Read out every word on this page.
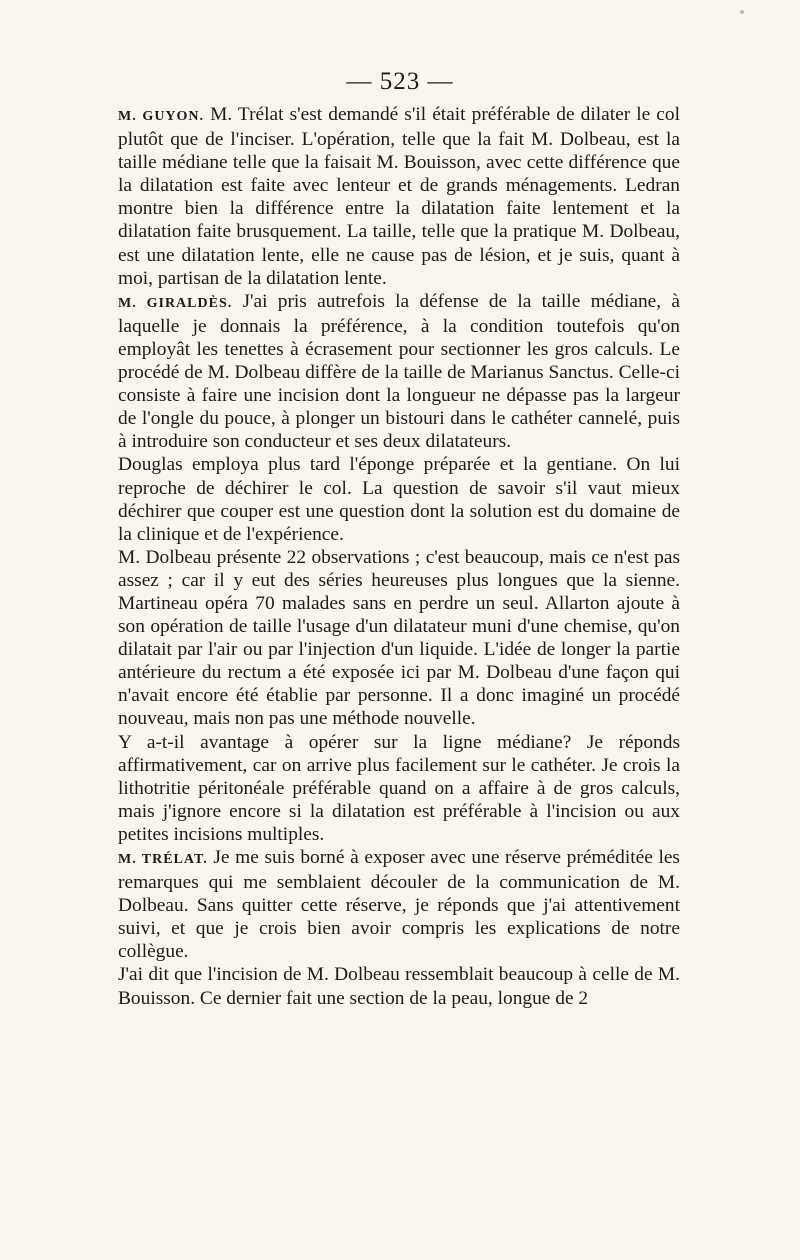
— 523 —

M. GUYON. M. Trélat s'est demandé s'il était préférable de dilater le col plutôt que de l'inciser. L'opération, telle que la fait M. Dolbeau, est la taille médiane telle que la faisait M. Bouisson, avec cette différence que la dilatation est faite avec lenteur et de grands ménagements. Ledran montre bien la différence entre la dilatation faite lentement et la dilatation faite brusquement. La taille, telle que la pratique M. Dolbeau, est une dilatation lente, elle ne cause pas de lésion, et je suis, quant à moi, partisan de la dilatation lente.

M. GIRALDÈS. J'ai pris autrefois la défense de la taille médiane, à laquelle je donnais la préférence, à la condition toutefois qu'on employât les tenettes à écrasement pour sectionner les gros calculs. Le procédé de M. Dolbeau diffère de la taille de Marianus Sanctus. Celle-ci consiste à faire une incision dont la longueur ne dépasse pas la largeur de l'ongle du pouce, à plonger un bistouri dans le cathéter cannelé, puis à introduire son conducteur et ses deux dilatateurs.

Douglas employa plus tard l'éponge préparée et la gentiane. On lui reproche de déchirer le col. La question de savoir s'il vaut mieux déchirer que couper est une question dont la solution est du domaine de la clinique et de l'expérience.

M. Dolbeau présente 22 observations ; c'est beaucoup, mais ce n'est pas assez ; car il y eut des séries heureuses plus longues que la sienne. Martineau opéra 70 malades sans en perdre un seul. Allarton ajoute à son opération de taille l'usage d'un dilatateur muni d'une chemise, qu'on dilatait par l'air ou par l'injection d'un liquide. L'idée de longer la partie antérieure du rectum a été exposée ici par M. Dolbeau d'une façon qui n'avait encore été établie par personne. Il a donc imaginé un procédé nouveau, mais non pas une méthode nouvelle.

Y a-t-il avantage à opérer sur la ligne médiane? Je réponds affirmativement, car on arrive plus facilement sur le cathéter. Je crois la lithotritie péritonéale préférable quand on a affaire à de gros calculs, mais j'ignore encore si la dilatation est préférable à l'incision ou aux petites incisions multiples.

M. TRÉLAT. Je me suis borné à exposer avec une réserve préméditée les remarques qui me semblaient découler de la communication de M. Dolbeau. Sans quitter cette réserve, je réponds que j'ai attentivement suivi, et que je crois bien avoir compris les explications de notre collègue.

J'ai dit que l'incision de M. Dolbeau ressemblait beaucoup à celle de M. Bouisson. Ce dernier fait une section de la peau, longue de 2
